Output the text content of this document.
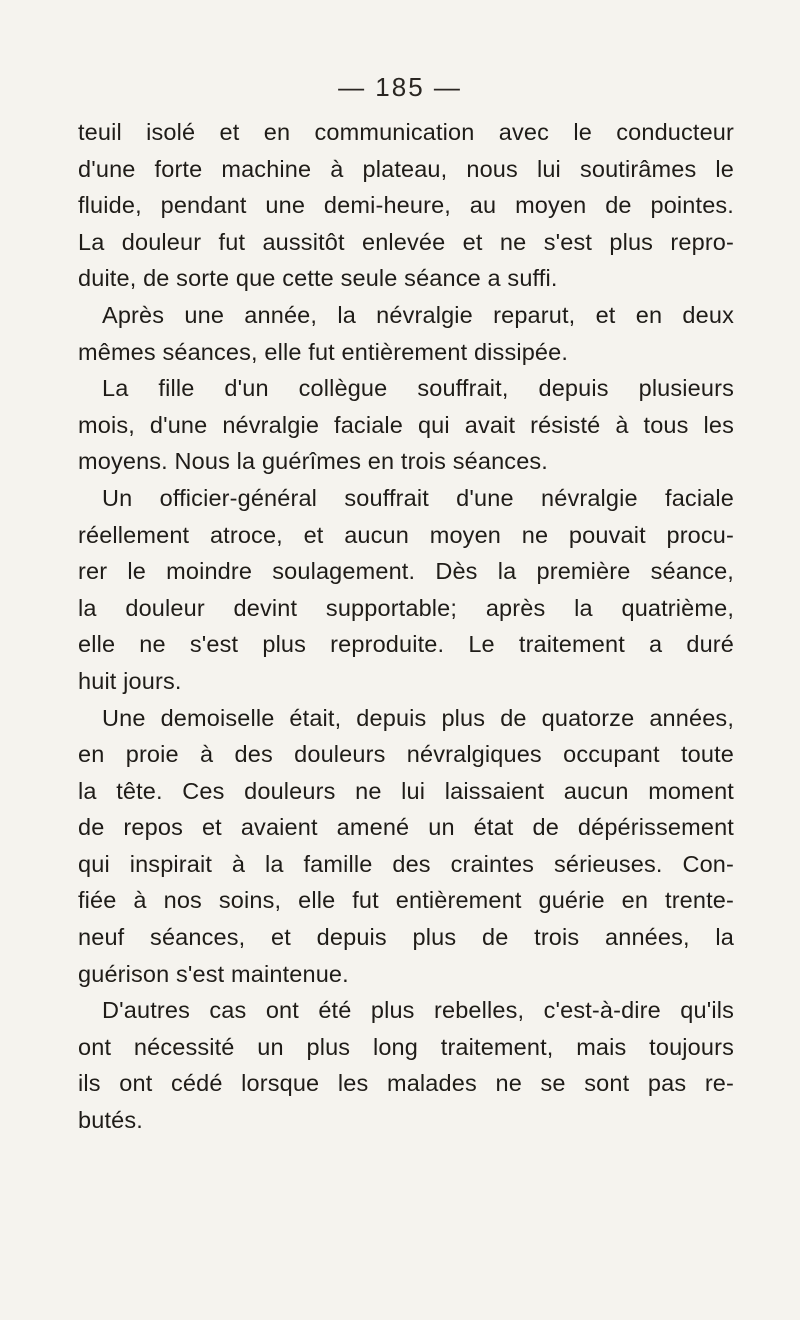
— 185 —
teuil isolé et en communication avec le conducteur
d'une forte machine à plateau, nous lui soutirâmes le
fluide, pendant une demi-heure, au moyen de pointes.
La douleur fut aussitôt enlevée et ne s'est plus repro-
duite, de sorte que cette seule séance a suffi.
Après une année, la névralgie reparut, et en deux
mêmes séances, elle fut entièrement dissipée.
La fille d'un collègue souffrait, depuis plusieurs
mois, d'une névralgie faciale qui avait résisté à tous les
moyens. Nous la guérîmes en trois séances.
Un officier-général souffrait d'une névralgie faciale
réellement atroce, et aucun moyen ne pouvait procu-
rer le moindre soulagement. Dès la première séance,
la douleur devint supportable; après la quatrième,
elle ne s'est plus reproduite. Le traitement a duré
huit jours.
Une demoiselle était, depuis plus de quatorze années,
en proie à des douleurs névralgiques occupant toute
la tête. Ces douleurs ne lui laissaient aucun moment
de repos et avaient amené un état de dépérissement
qui inspirait à la famille des craintes sérieuses. Con-
fiée à nos soins, elle fut entièrement guérie en trente-
neuf séances, et depuis plus de trois années, la
guérison s'est maintenue.
D'autres cas ont été plus rebelles, c'est-à-dire qu'ils
ont nécessité un plus long traitement, mais toujours
ils ont cédé lorsque les malades ne se sont pas re-
butés.
